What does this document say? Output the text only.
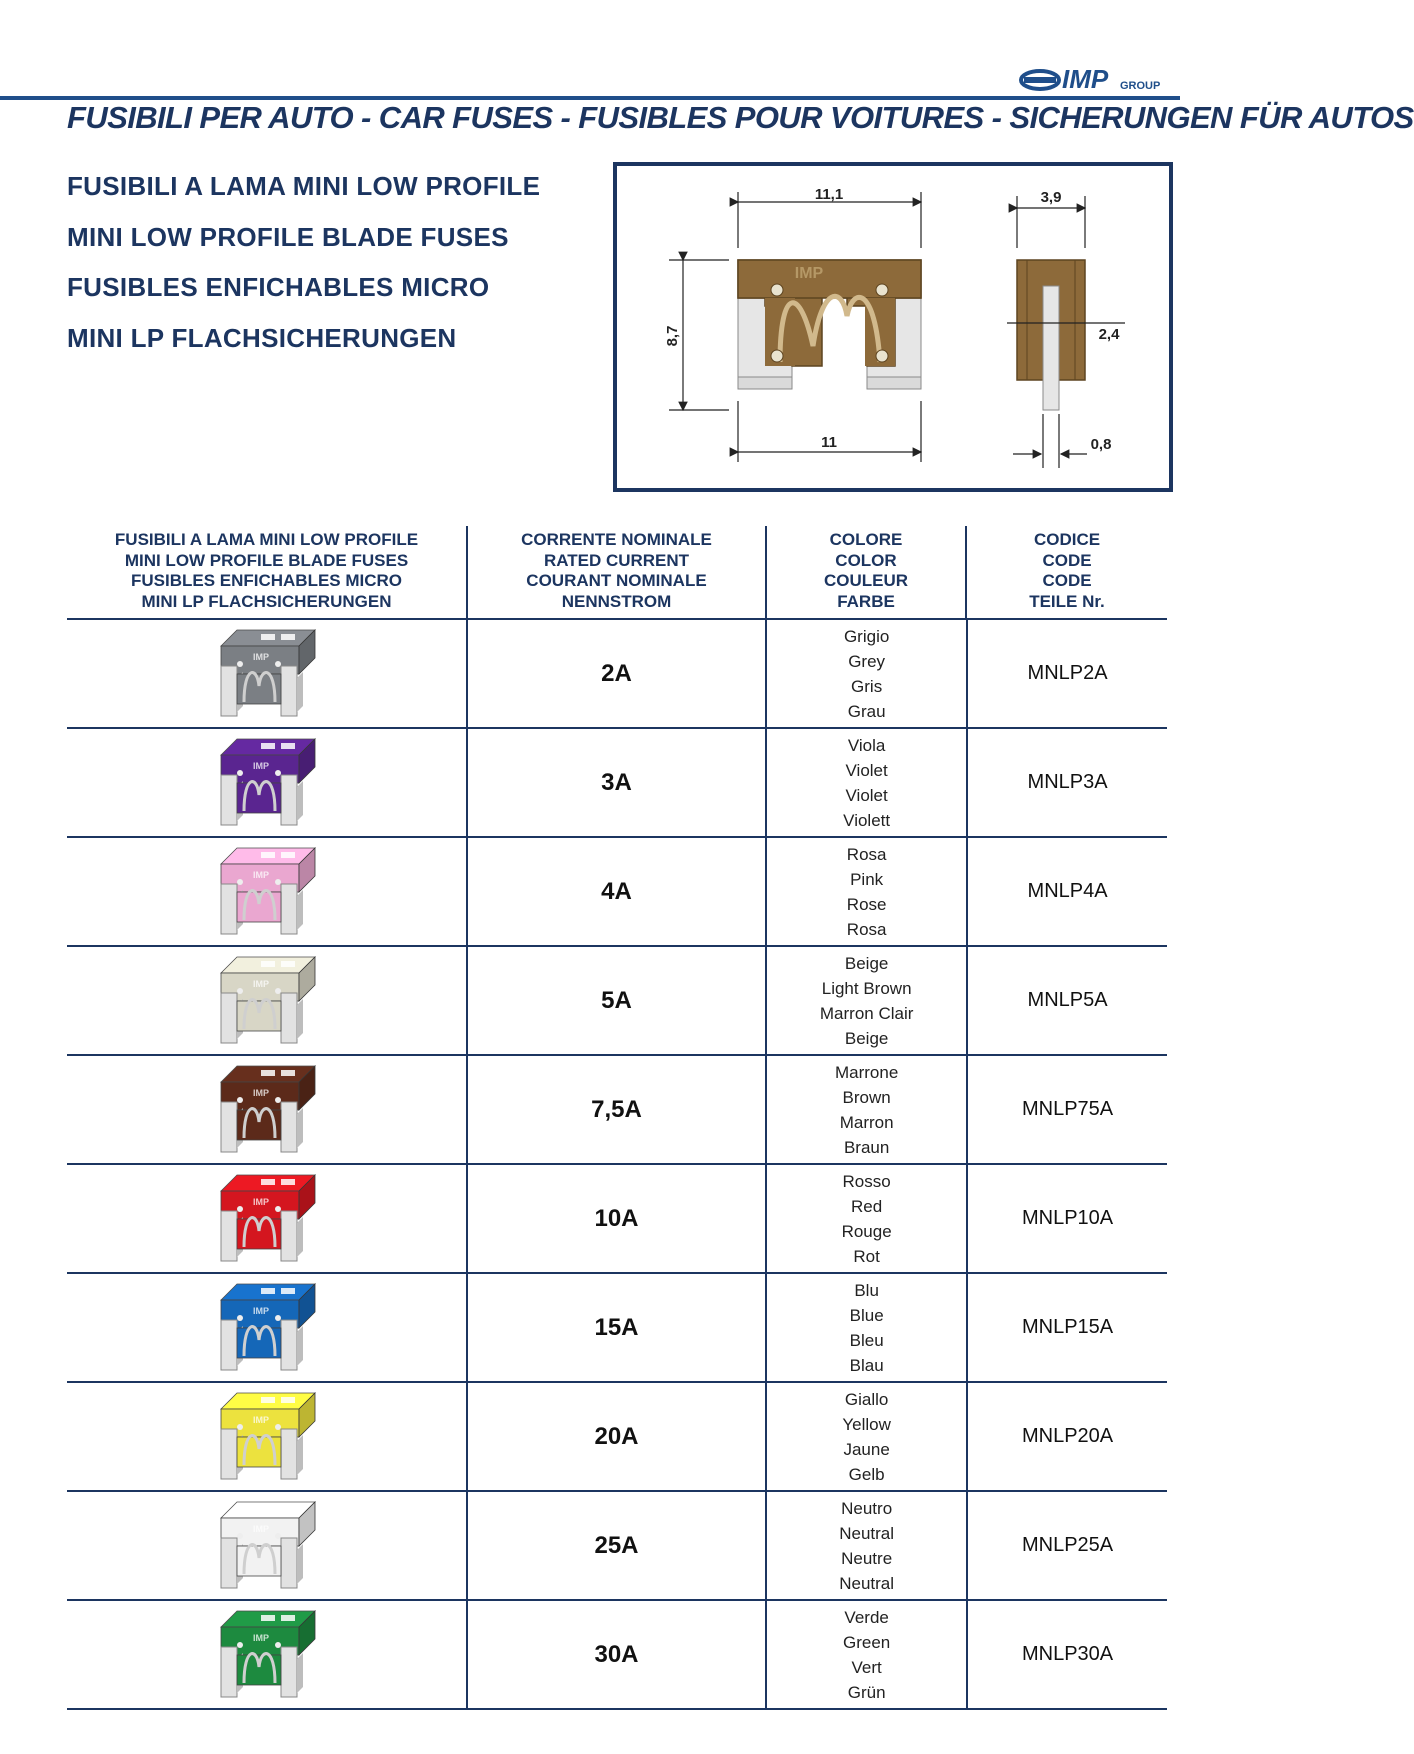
IMP GROUP
FUSIBILI PER AUTO - CAR FUSES - FUSIBLES POUR VOITURES - SICHERUNGEN FÜR AUTOS
FUSIBILI A LAMA MINI LOW PROFILE
MINI LOW PROFILE BLADE FUSES
FUSIBLES ENFICHABLES MICRO
MINI LP FLACHSICHERUNGEN
IMP
11,1
11
8,7
3,9
2,4
0,8
FUSIBILI A LAMA MINI LOW PROFILE
MINI LOW PROFILE BLADE FUSES
FUSIBLES ENFICHABLES MICRO
MINI LP FLACHSICHERUNGEN
CORRENTE NOMINALE
RATED CURRENT
COURANT NOMINALE
NENNSTROM
COLORE
COLOR
COULEUR
FARBE
CODICE
CODE
CODE
TEILE Nr.
IMP
2A
Grigio
Grey
Gris
Grau
MNLP2A
IMP
3A
Viola
Violet
Violet
Violett
MNLP3A
IMP
4A
Rosa
Pink
Rose
Rosa
MNLP4A
IMP
5A
Beige
Light Brown
Marron Clair
Beige
MNLP5A
IMP
7,5A
Marrone
Brown
Marron
Braun
MNLP75A
IMP
10A
Rosso
Red
Rouge
Rot
MNLP10A
IMP
15A
Blu
Blue
Bleu
Blau
MNLP15A
IMP
20A
Giallo
Yellow
Jaune
Gelb
MNLP20A
IMP
25A
Neutro
Neutral
Neutre
Neutral
MNLP25A
IMP
30A
Verde
Green
Vert
Grün
MNLP30A
